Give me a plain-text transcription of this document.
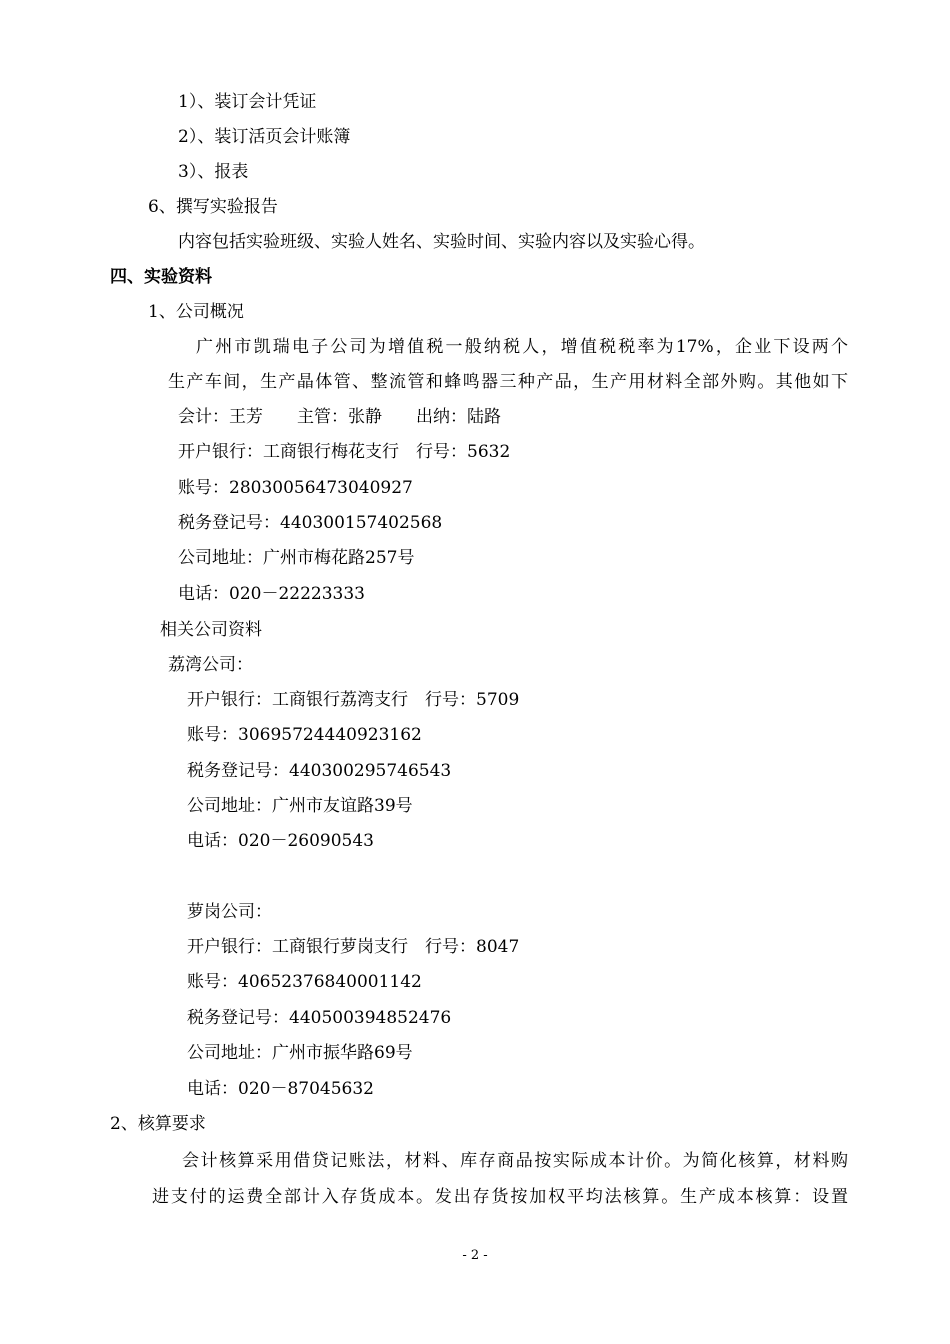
1）、装订会计凭证
2）、装订活页会计账簿
3）、报表
6、撰写实验报告
内容包括实验班级、实验人姓名、实验时间、实验内容以及实验心得。
四、实验资料
1、公司概况
广州市凯瑞电子公司为增值税一般纳税人，增值税税率为17%，企业下设两个
生产车间，生产晶体管、整流管和蜂鸣器三种产品，生产用材料全部外购。其他如下
会计：王芳　　主管：张静　　出纳：陆路
开户银行：工商银行梅花支行　行号：5632
账号：28030056473040927
税务登记号：440300157402568
公司地址：广州市梅花路257号
电话：020－22223333
相关公司资料
荔湾公司：
开户银行：工商银行荔湾支行　行号：5709
账号：30695724440923162
税务登记号：440300295746543
公司地址：广州市友谊路39号
电话：020－26090543
萝岗公司：
开户银行：工商银行萝岗支行　行号：8047
账号：40652376840001142
税务登记号：440500394852476
公司地址：广州市振华路69号
电话：020－87045632
2、核算要求
会计核算采用借贷记账法，材料、库存商品按实际成本计价。为简化核算，材料购
进支付的运费全部计入存货成本。发出存货按加权平均法核算。生产成本核算：设置
- 2 -
